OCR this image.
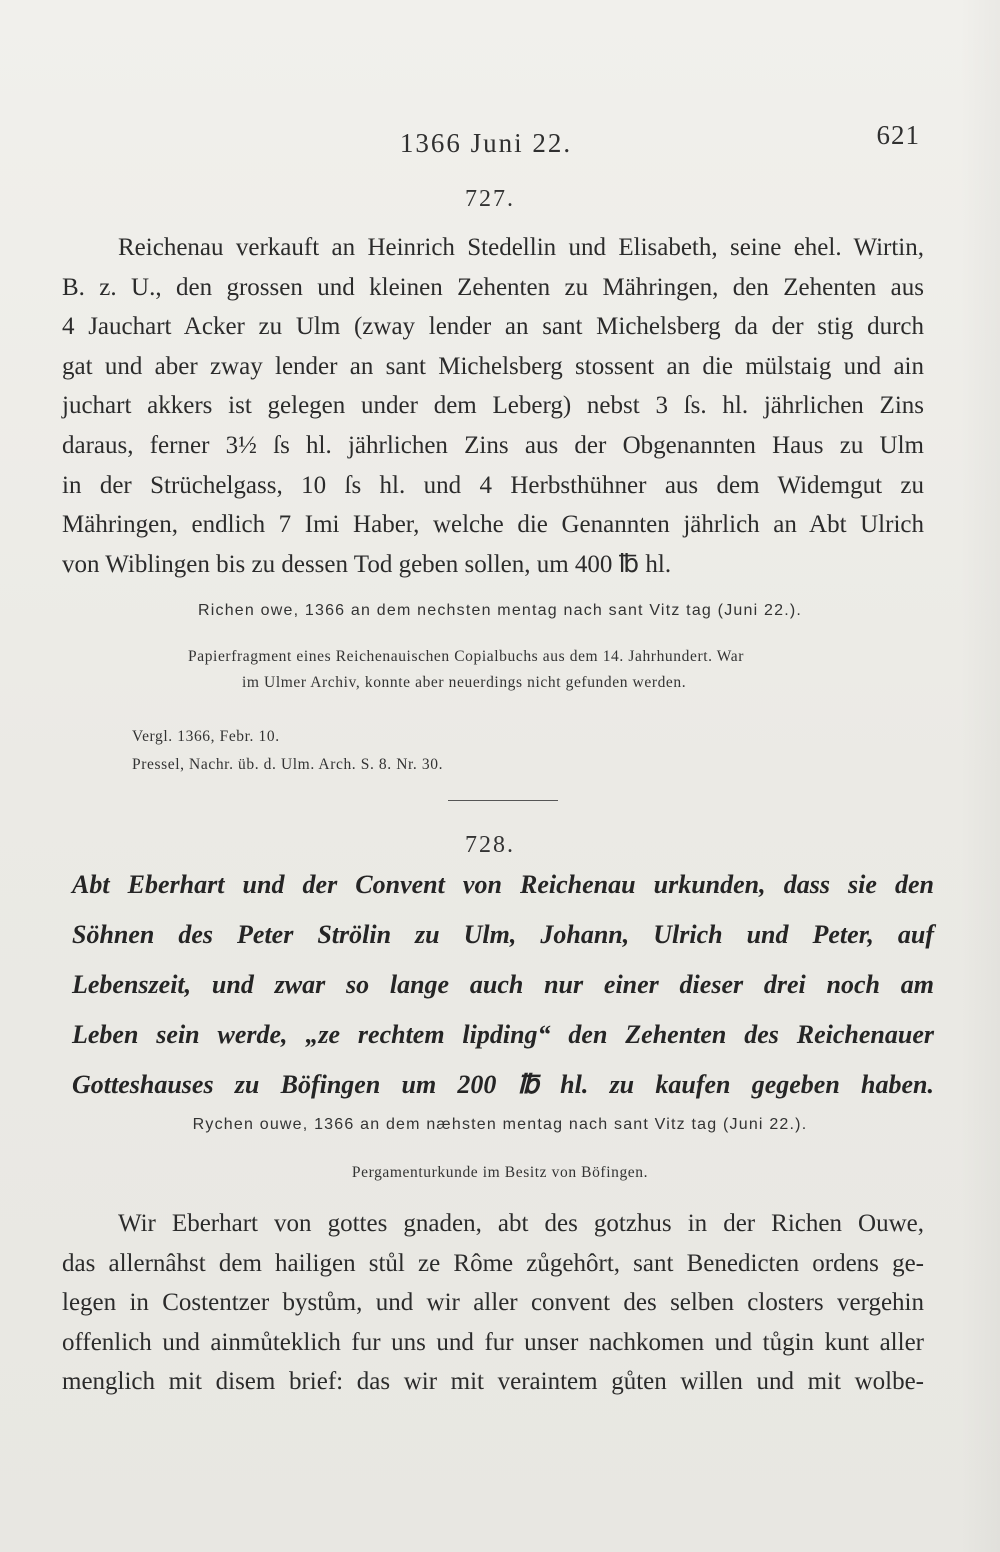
1366 Juni 22.	621
727.
Reichenau verkauft an Heinrich Stedellin und Elisabeth, seine ehel. Wirtin,
B. z. U., den grossen und kleinen Zehenten zu Mähringen, den Zehenten aus
4 Jauchart Acker zu Ulm (zway lender an sant Michelsberg da der stig durch
gat und aber zway lender an sant Michelsberg stossent an die mülstaig und ain
juchart akkers ist gelegen under dem Leberg) nebst 3 ſs. hl. jährlichen Zins
daraus, ferner 3½ ſs hl. jährlichen Zins aus der Obgenannten Haus zu Ulm
in der Strüchelgass, 10 ſs hl. und 4 Herbsthühner aus dem Widemgut zu
Mähringen, endlich 7 Imi Haber, welche die Genannten jährlich an Abt Ulrich
von Wiblingen bis zu dessen Tod geben sollen, um 400 ℔ hl.
Richen owe, 1366 an dem nechsten mentag nach sant Vitz tag (Juni 22.).
Papierfragment eines Reichenauischen Copialbuchs aus dem 14. Jahrhundert. War
im Ulmer Archiv, konnte aber neuerdings nicht gefunden werden.
Vergl. 1366, Febr. 10.
Pressel, Nachr. üb. d. Ulm. Arch. S. 8. Nr. 30.
728.
Abt Eberhart und der Convent von Reichenau urkunden, dass sie den
Söhnen des Peter Strölin zu Ulm, Johann, Ulrich und Peter, auf
Lebenszeit, und zwar so lange auch nur einer dieser drei noch am
Leben sein werde, „ze rechtem lipding“ den Zehenten des Reichenauer
Gotteshauses zu Böfingen um 200 ℔ hl. zu kaufen gegeben haben.
Rychen ouwe, 1366 an dem næhsten mentag nach sant Vitz tag (Juni 22.).
Pergamenturkunde im Besitz von Böfingen.
Wir Eberhart von gottes gnaden, abt des gotzhus in der Richen Ouwe,
das allernâhst dem hailigen stůl ze Rôme zůgehôrt, sant Benedicten ordens ge-
legen in Costentzer bystům, und wir aller convent des selben closters vergehin
offenlich und ainmůteklich fur uns und fur unser nachkomen und tůgin kunt aller
menglich mit disem brief: das wir mit veraintem gůten willen und mit wolbe-
